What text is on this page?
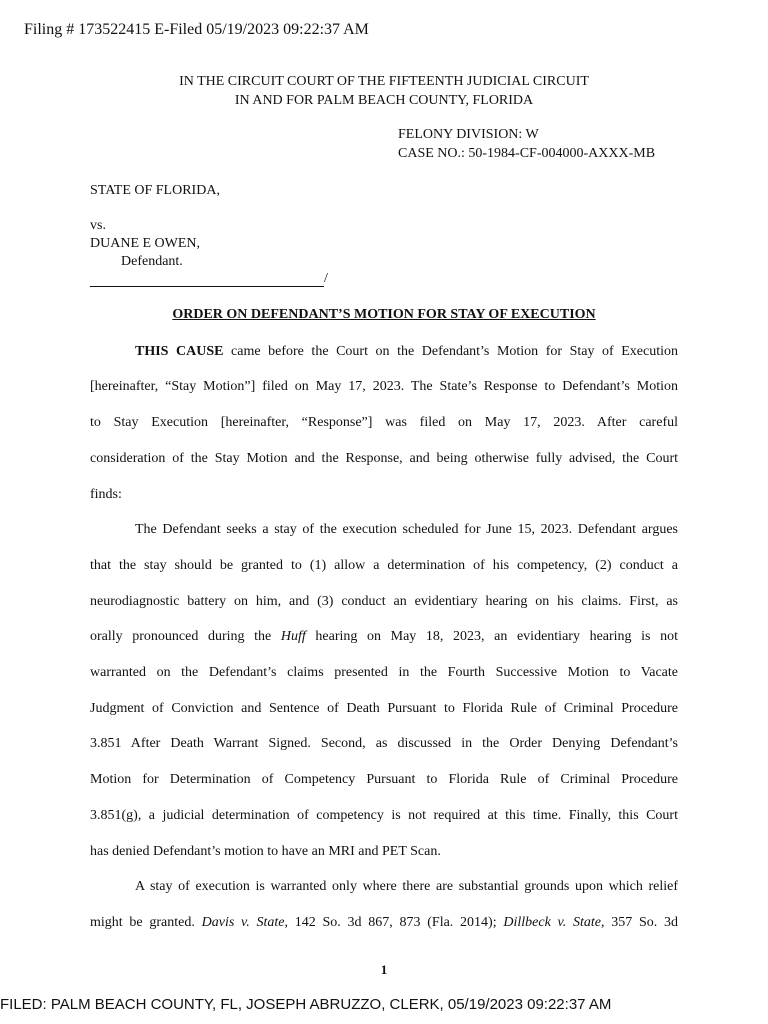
Filing # 173522415 E-Filed 05/19/2023 09:22:37 AM
IN THE CIRCUIT COURT OF THE FIFTEENTH JUDICIAL CIRCUIT
IN AND FOR PALM BEACH COUNTY, FLORIDA
FELONY DIVISION: W
CASE NO.: 50-1984-CF-004000-AXXX-MB
STATE OF FLORIDA,
vs.
DUANE E OWEN,
Defendant.
/
ORDER ON DEFENDANT’S MOTION FOR STAY OF EXECUTION
THIS CAUSE came before the Court on the Defendant’s Motion for Stay of Execution
[hereinafter, “Stay Motion”] filed on May 17, 2023. The State’s Response to Defendant’s Motion
to Stay Execution [hereinafter, “Response”] was filed on May 17, 2023. After careful
consideration of the Stay Motion and the Response, and being otherwise fully advised, the Court
finds:
The Defendant seeks a stay of the execution scheduled for June 15, 2023. Defendant argues
that the stay should be granted to (1) allow a determination of his competency, (2) conduct a
neurodiagnostic battery on him, and (3) conduct an evidentiary hearing on his claims. First, as
orally pronounced during the Huff hearing on May 18, 2023, an evidentiary hearing is not
warranted on the Defendant’s claims presented in the Fourth Successive Motion to Vacate
Judgment of Conviction and Sentence of Death Pursuant to Florida Rule of Criminal Procedure
3.851 After Death Warrant Signed. Second, as discussed in the Order Denying Defendant’s
Motion for Determination of Competency Pursuant to Florida Rule of Criminal Procedure
3.851(g), a judicial determination of competency is not required at this time. Finally, this Court
has denied Defendant’s motion to have an MRI and PET Scan.
A stay of execution is warranted only where there are substantial grounds upon which relief
might be granted. Davis v. State, 142 So. 3d 867, 873 (Fla. 2014); Dillbeck v. State, 357 So. 3d
1
FILED: PALM BEACH COUNTY, FL, JOSEPH ABRUZZO, CLERK, 05/19/2023 09:22:37 AM
